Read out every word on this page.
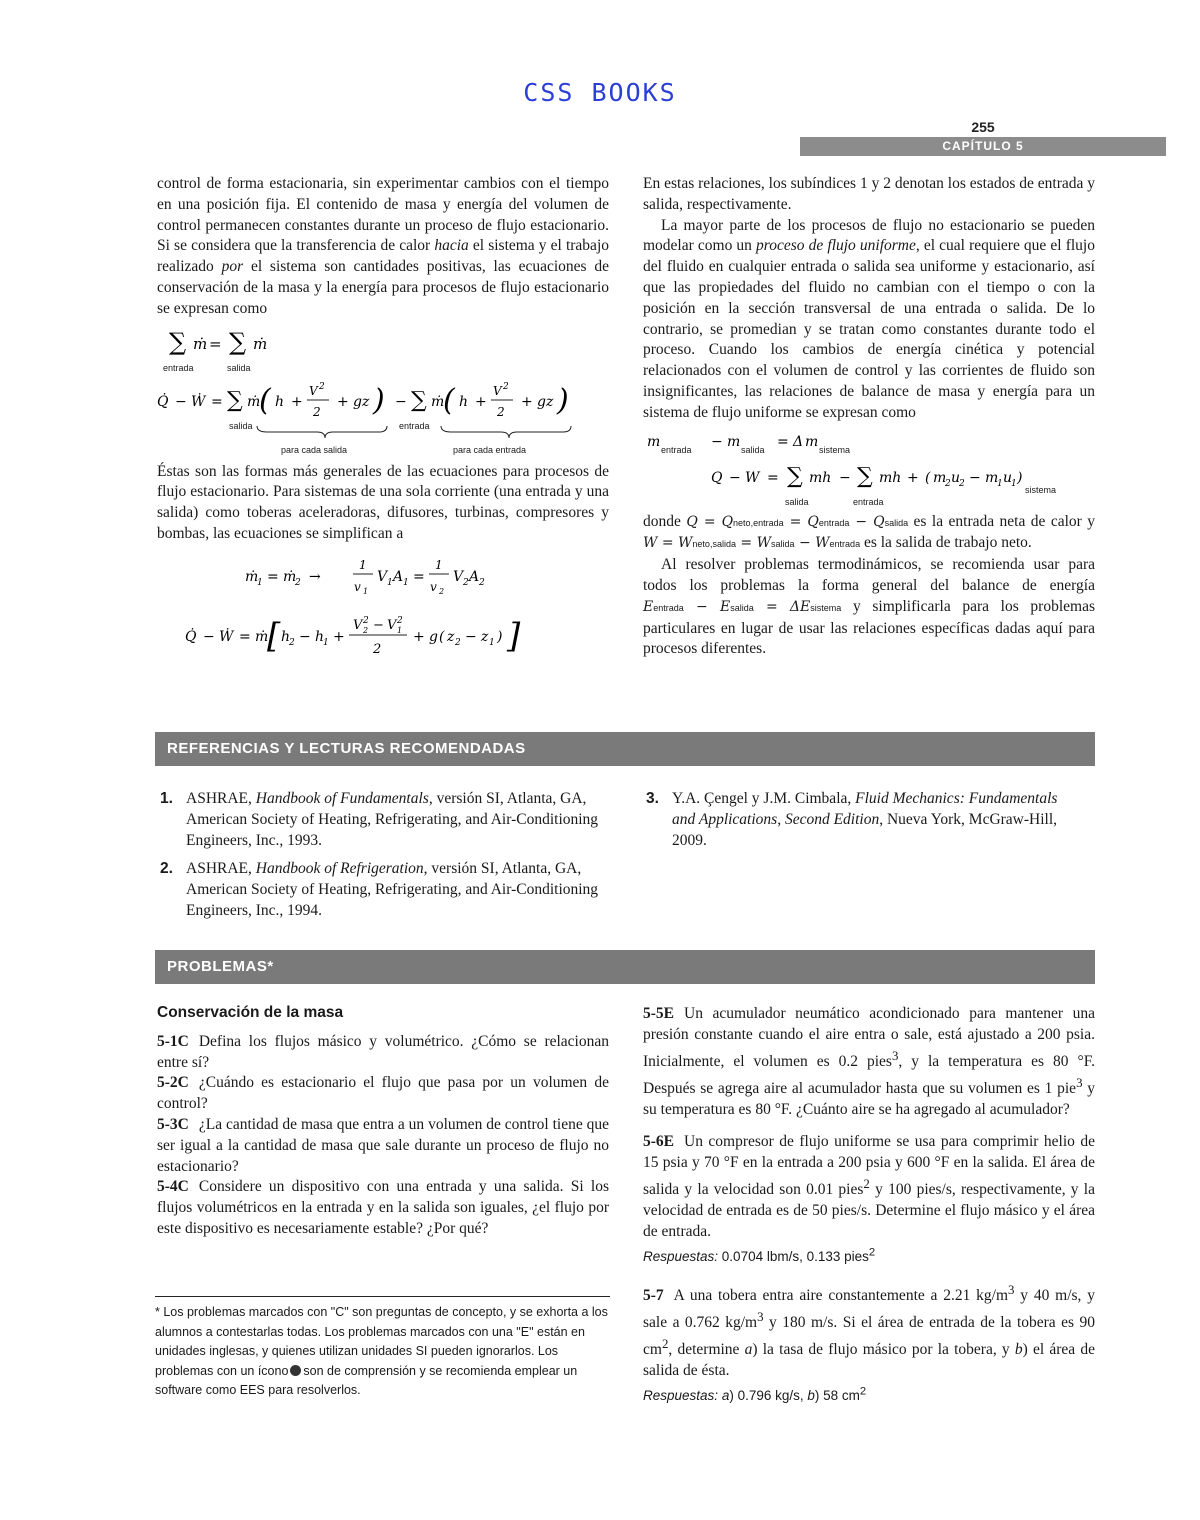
CSS BOOKS
255
CAPÍTULO 5

control de forma estacionaria, sin experimentar cambios con el tiempo en una posición fija. El contenido de masa y energía del volumen de control permanecen constantes durante un proceso de flujo estacionario. Si se considera que la transferencia de calor hacia el sistema y el trabajo realizado por el sistema son cantidades positivas, las ecuaciones de conservación de la masa y la energía para procesos de flujo estacionario se expresan como

∑ ṁ = ∑ ṁ
entrada	salida
Q̇ − Ẇ = ∑ ṁ
( h +
V 2
2
+ gz ) − ∑ ṁ
( h +
V 2
2
+ gz )
salida	entrada
para cada salida	para cada entrada

Éstas son las formas más generales de las ecuaciones para procesos de flujo estacionario. Para sistemas de una sola corriente (una entrada y una salida) como toberas aceleradoras, difusores, turbinas, compresores y bombas, las ecuaciones se simplifican a

ṁ
1 = ṁ
2 →
1
v 1
V 1 A 1 =
1
v 2
V 2 A 2
Q̇ − Ẇ = ṁ
[ h
2 − h
1 +
V 2
2 − V 2
1
2
+ g ( z 2 − z 1 ) ]

En estas relaciones, los subíndices 1 y 2 denotan los estados de entrada y salida, respectivamente.

La mayor parte de los procesos de flujo no estacionario se pueden modelar como un proceso de flujo uniforme, el cual requiere que el flujo del fluido en cualquier entrada o salida sea uniforme y estacionario, así que las propiedades del fluido no cambian con el tiempo o con la posición en la sección transversal de una entrada o salida. De lo contrario, se promedian y se tratan como constantes durante todo el proceso. Cuando los cambios de energía cinética y potencial relacionados con el volumen de control y las corrientes de fluido son insignificantes, las relaciones de balance de masa y energía para un sistema de flujo uniforme se expresan como

m	− m	= Δ m
entrada	salida	sistema
Q − W = ∑ mh − ∑ mh + ( m
2 u
2 − m
1 u
1 )
salida	entrada
sistema

donde Q = Qneto,entrada = Qentrada − Qsalida es la entrada neta de calor y W = Wneto,salida = Wsalida − Wentrada es la salida de trabajo neto.

Al resolver problemas termodinámicos, se recomienda usar para todos los problemas la forma general del balance de energía Eentrada − Esalida = ΔEsistema y simplificarla para los problemas particulares en lugar de usar las relaciones específicas dadas aquí para procesos diferentes.

REFERENCIAS Y LECTURAS RECOMENDADAS
1. ASHRAE, Handbook of Fundamentals, versión SI, Atlanta, GA, American Society of Heating, Refrigerating, and Air-Conditioning Engineers, Inc., 1993.
2. ASHRAE, Handbook of Refrigeration, versión SI, Atlanta, GA, American Society of Heating, Refrigerating, and Air-Conditioning Engineers, Inc., 1994.
3. Y.A. Çengel y J.M. Cimbala, Fluid Mechanics: Fundamentals and Applications, Second Edition, Nueva York, McGraw-Hill, 2009.
PROBLEMAS*
Conservación de la masa

5-1C Defina los flujos másico y volumétrico. ¿Cómo se relacionan entre sí?

5-2C ¿Cuándo es estacionario el flujo que pasa por un volumen de control?

5-3C ¿La cantidad de masa que entra a un volumen de control tiene que ser igual a la cantidad de masa que sale durante un proceso de flujo no estacionario?

5-4C Considere un dispositivo con una entrada y una salida. Si los flujos volumétricos en la entrada y en la salida son iguales, ¿el flujo por este dispositivo es necesariamente estable? ¿Por qué?

5-5E Un acumulador neumático acondicionado para mantener una presión constante cuando el aire entra o sale, está ajustado a 200 psia. Inicialmente, el volumen es 0.2 pies$^3$, y la temperatura es 80 °F. Después se agrega aire al acumulador hasta que su volumen es 1 pie$^3$ y su temperatura es 80 °F. ¿Cuánto aire se ha agregado al acumulador?

5-6E Un compresor de flujo uniforme se usa para comprimir helio de 15 psia y 70 °F en la entrada a 200 psia y 600 °F en la salida. El área de salida y la velocidad son 0.01 pies$^2$ y 100 pies/s, respectivamente, y la velocidad de entrada es de 50 pies/s. Determine el flujo másico y el área de entrada.
Respuestas: 0.0704 lbm/s, 0.133 pies$^2$

5-7 A una tobera entra aire constantemente a 2.21 $kg/m^3$ y 40 m/s, y sale a 0.762 $kg/m^3$ y 180 m/s. Si el área de entrada de la tobera es 90 $cm^2$, determine a) la tasa de flujo másico por la tobera, y b) el área de salida de ésta.
Respuestas: a) 0.796 kg/s, b) 58 $cm^2$

* Los problemas marcados con "C" son preguntas de concepto, y se exhorta a los alumnos a contestarlas todas. Los problemas marcados con una "E" están en unidades inglesas, y quienes utilizan unidades SI pueden ignorarlos. Los problemas con un ícono son de comprensión y se recomienda emplear un software como EES para resolverlos.
